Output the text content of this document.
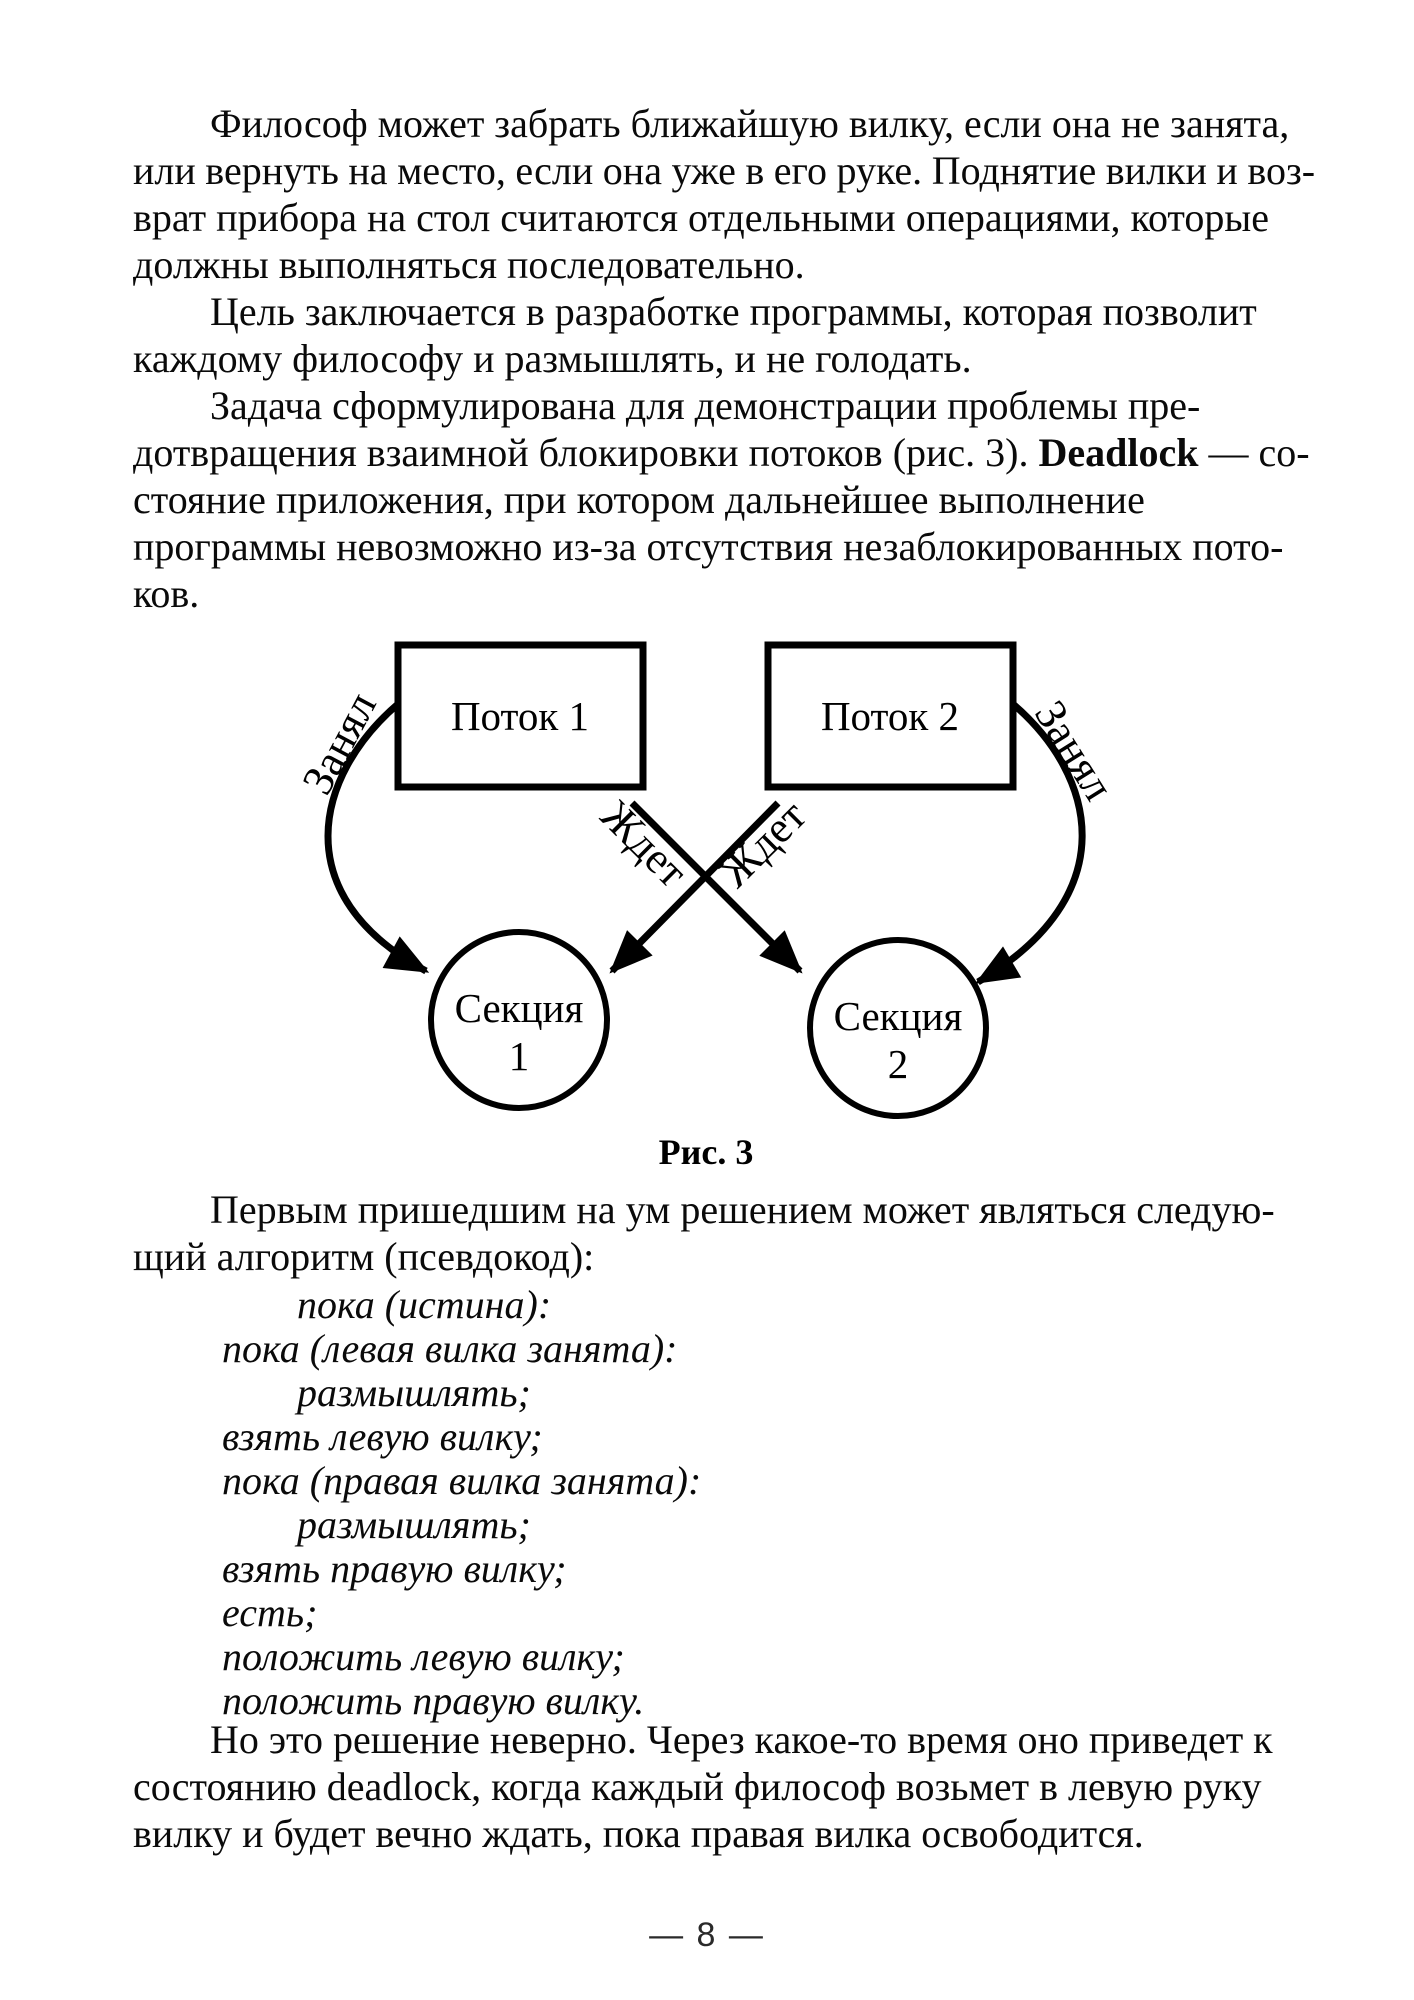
Философ может забрать ближайшую вилку, если она не занята,
или вернуть на место, если она уже в его руке. Поднятие вилки и воз-
врат прибора на стол считаются отдельными операциями, которые
должны выполняться последовательно.
Цель заключается в разработке программы, которая позволит
каждому философу и размышлять, и не голодать.
Задача сформулирована для демонстрации проблемы пре-
дотвращения взаимной блокировки потоков (рис. 3). Deadlock — со-
стояние приложения, при котором дальнейшее выполнение
программы невозможно из-за отсутствия незаблокированных пото-
ков.
Поток 1	Поток 2
Секция
1
Секция
2
Занял	Занял
Ждет Ждет
Рис. 3
Первым пришедшим на ум решением может являться следую-
щий алгоритм (псевдокод):
пока (истина):
пока (левая вилка занята):
размышлять;
взять левую вилку;
пока (правая вилка занята):
размышлять;
взять правую вилку;
есть;
положить левую вилку;
положить правую вилку.
Но это решение неверно. Через какое-то время оно приведет к
состоянию deadlock, когда каждый философ возьмет в левую руку
вилку и будет вечно ждать, пока правая вилка освободится.
— 8 —
